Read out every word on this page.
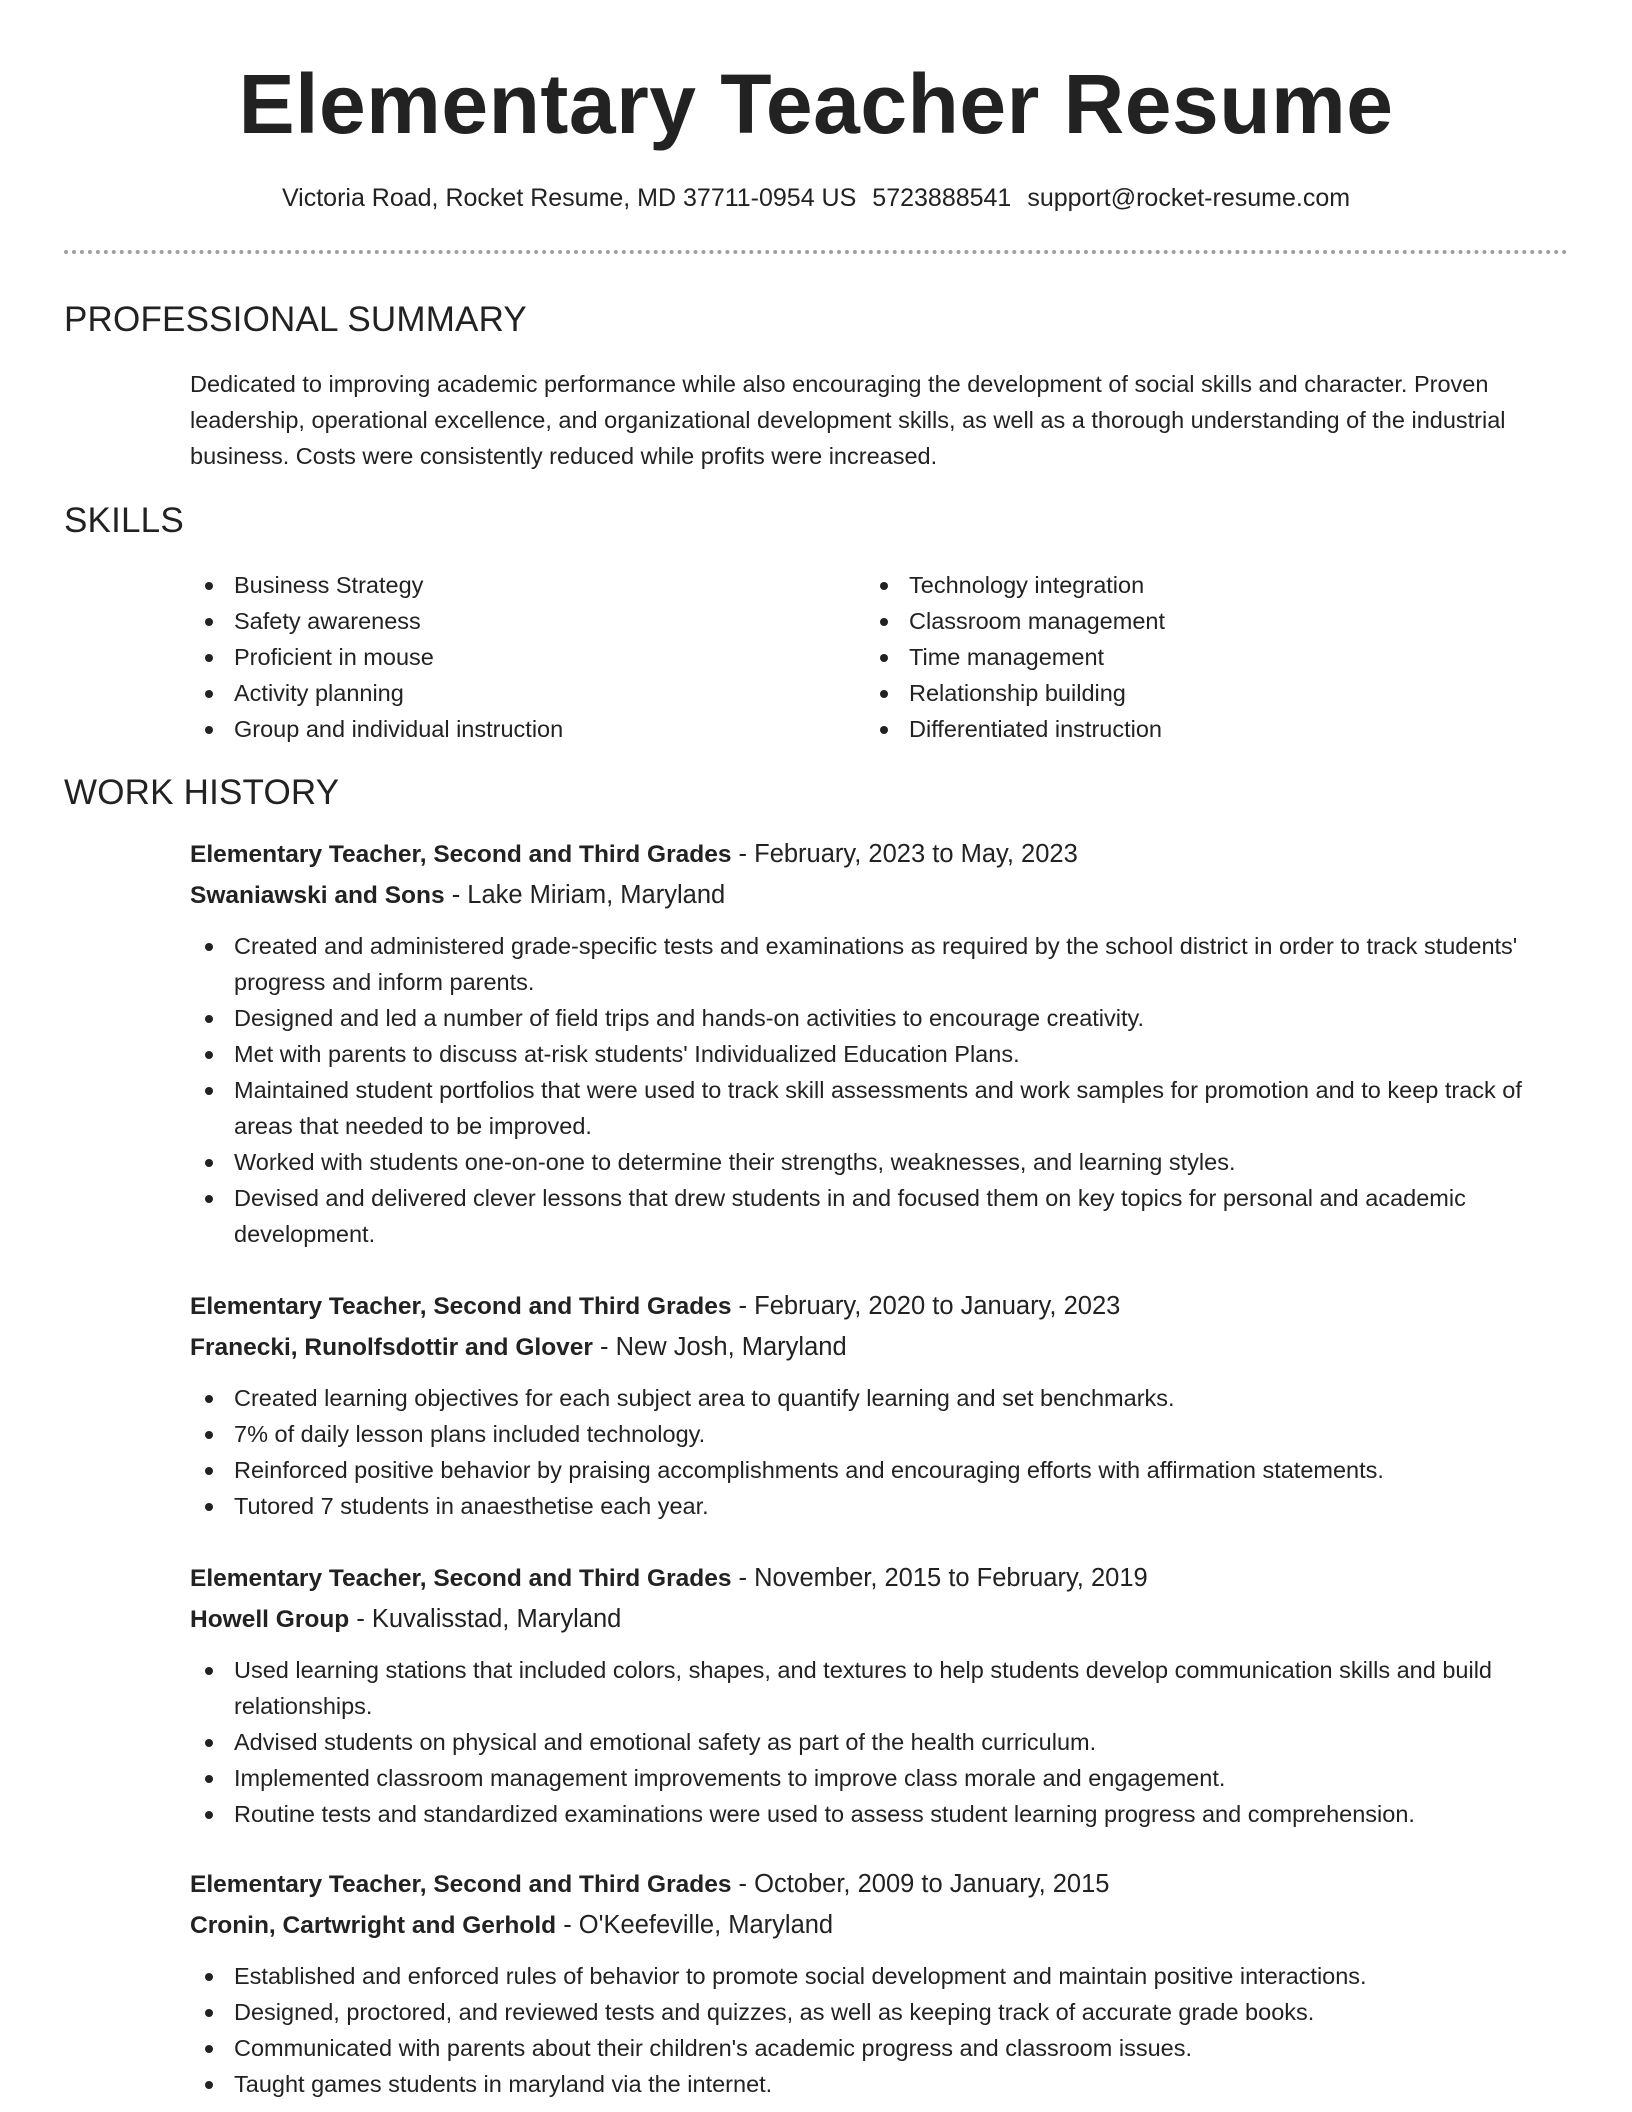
Elementary Teacher Resume
Victoria Road, Rocket Resume, MD 37711-0954 US 5723888541 support@rocket-resume.com
PROFESSIONAL SUMMARY

Dedicated to improving academic performance while also encouraging the development of social skills and character. Proven leadership, operational excellence, and organizational development skills, as well as a thorough understanding of the industrial business. Costs were consistently reduced while profits were increased.

SKILLS
Business Strategy
Safety awareness
Proficient in mouse
Activity planning
Group and individual instruction
Technology integration
Classroom management
Time management
Relationship building
Differentiated instruction
WORK HISTORY
Elementary Teacher, Second and Third Grades - February, 2023 to May, 2023
Swaniawski and Sons - Lake Miriam, Maryland
Created and administered grade-specific tests and examinations as required by the school district in order to track students' progress and inform parents.
Designed and led a number of field trips and hands-on activities to encourage creativity.
Met with parents to discuss at-risk students' Individualized Education Plans.
Maintained student portfolios that were used to track skill assessments and work samples for promotion and to keep track of areas that needed to be improved.
Worked with students one-on-one to determine their strengths, weaknesses, and learning styles.
Devised and delivered clever lessons that drew students in and focused them on key topics for personal and academic development.
Elementary Teacher, Second and Third Grades - February, 2020 to January, 2023
Franecki, Runolfsdottir and Glover - New Josh, Maryland
Created learning objectives for each subject area to quantify learning and set benchmarks.
7% of daily lesson plans included technology.
Reinforced positive behavior by praising accomplishments and encouraging efforts with affirmation statements.
Tutored 7 students in anaesthetise each year.
Elementary Teacher, Second and Third Grades - November, 2015 to February, 2019
Howell Group - Kuvalisstad, Maryland
Used learning stations that included colors, shapes, and textures to help students develop communication skills and build relationships.
Advised students on physical and emotional safety as part of the health curriculum.
Implemented classroom management improvements to improve class morale and engagement.
Routine tests and standardized examinations were used to assess student learning progress and comprehension.
Elementary Teacher, Second and Third Grades - October, 2009 to January, 2015
Cronin, Cartwright and Gerhold - O'Keefeville, Maryland
Established and enforced rules of behavior to promote social development and maintain positive interactions.
Designed, proctored, and reviewed tests and quizzes, as well as keeping track of accurate grade books.
Communicated with parents about their children's academic progress and classroom issues.
Taught games students in maryland via the internet.
